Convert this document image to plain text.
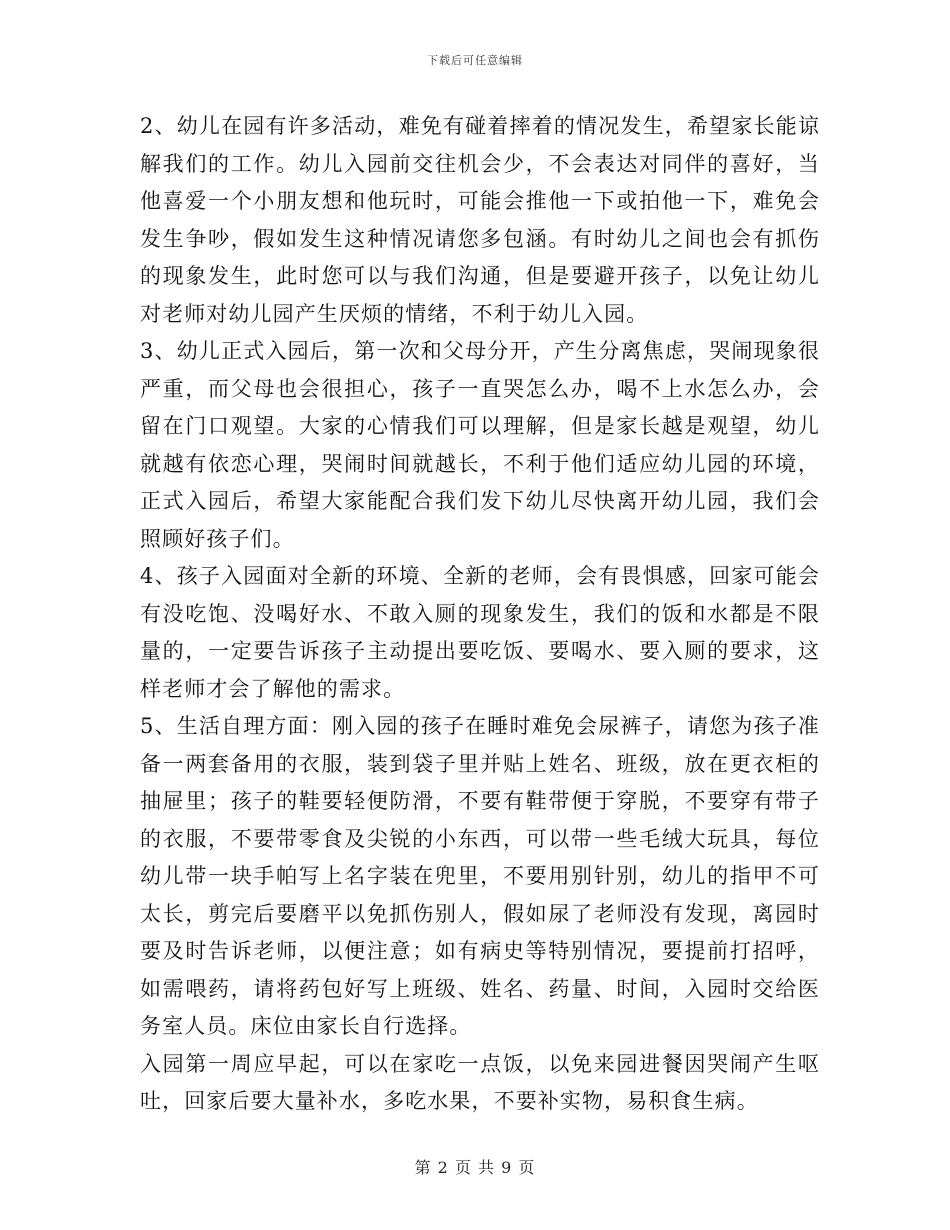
下载后可任意编辑

2、幼儿在园有许多活动，难免有碰着摔着的情况发生，希望家长能谅解我们的工作。幼儿入园前交往机会少，不会表达对同伴的喜好，当他喜爱一个小朋友想和他玩时，可能会推他一下或拍他一下，难免会发生争吵，假如发生这种情况请您多包涵。有时幼儿之间也会有抓伤的现象发生，此时您可以与我们沟通，但是要避开孩子，以免让幼儿对老师对幼儿园产生厌烦的情绪，不利于幼儿入园。

3、幼儿正式入园后，第一次和父母分开，产生分离焦虑，哭闹现象很严重，而父母也会很担心，孩子一直哭怎么办，喝不上水怎么办，会留在门口观望。大家的心情我们可以理解，但是家长越是观望，幼儿就越有依恋心理，哭闹时间就越长，不利于他们适应幼儿园的环境，正式入园后，希望大家能配合我们发下幼儿尽快离开幼儿园，我们会照顾好孩子们。

4、孩子入园面对全新的环境、全新的老师，会有畏惧感，回家可能会有没吃饱、没喝好水、不敢入厕的现象发生，我们的饭和水都是不限量的，一定要告诉孩子主动提出要吃饭、要喝水、要入厕的要求，这样老师才会了解他的需求。

5、生活自理方面：刚入园的孩子在睡时难免会尿裤子，请您为孩子准备一两套备用的衣服，装到袋子里并贴上姓名、班级，放在更衣柜的抽屉里；孩子的鞋要轻便防滑，不要有鞋带便于穿脱，不要穿有带子的衣服，不要带零食及尖锐的小东西，可以带一些毛绒大玩具，每位幼儿带一块手帕写上名字装在兜里，不要用别针别，幼儿的指甲不可太长，剪完后要磨平以免抓伤别人，假如尿了老师没有发现，离园时要及时告诉老师，以便注意；如有病史等特别情况，要提前打招呼，如需喂药，请将药包好写上班级、姓名、药量、时间，入园时交给医务室人员。床位由家长自行选择。

入园第一周应早起，可以在家吃一点饭，以免来园进餐因哭闹产生呕吐，回家后要大量补水，多吃水果，不要补实物，易积食生病。

第 2 页 共 9 页
